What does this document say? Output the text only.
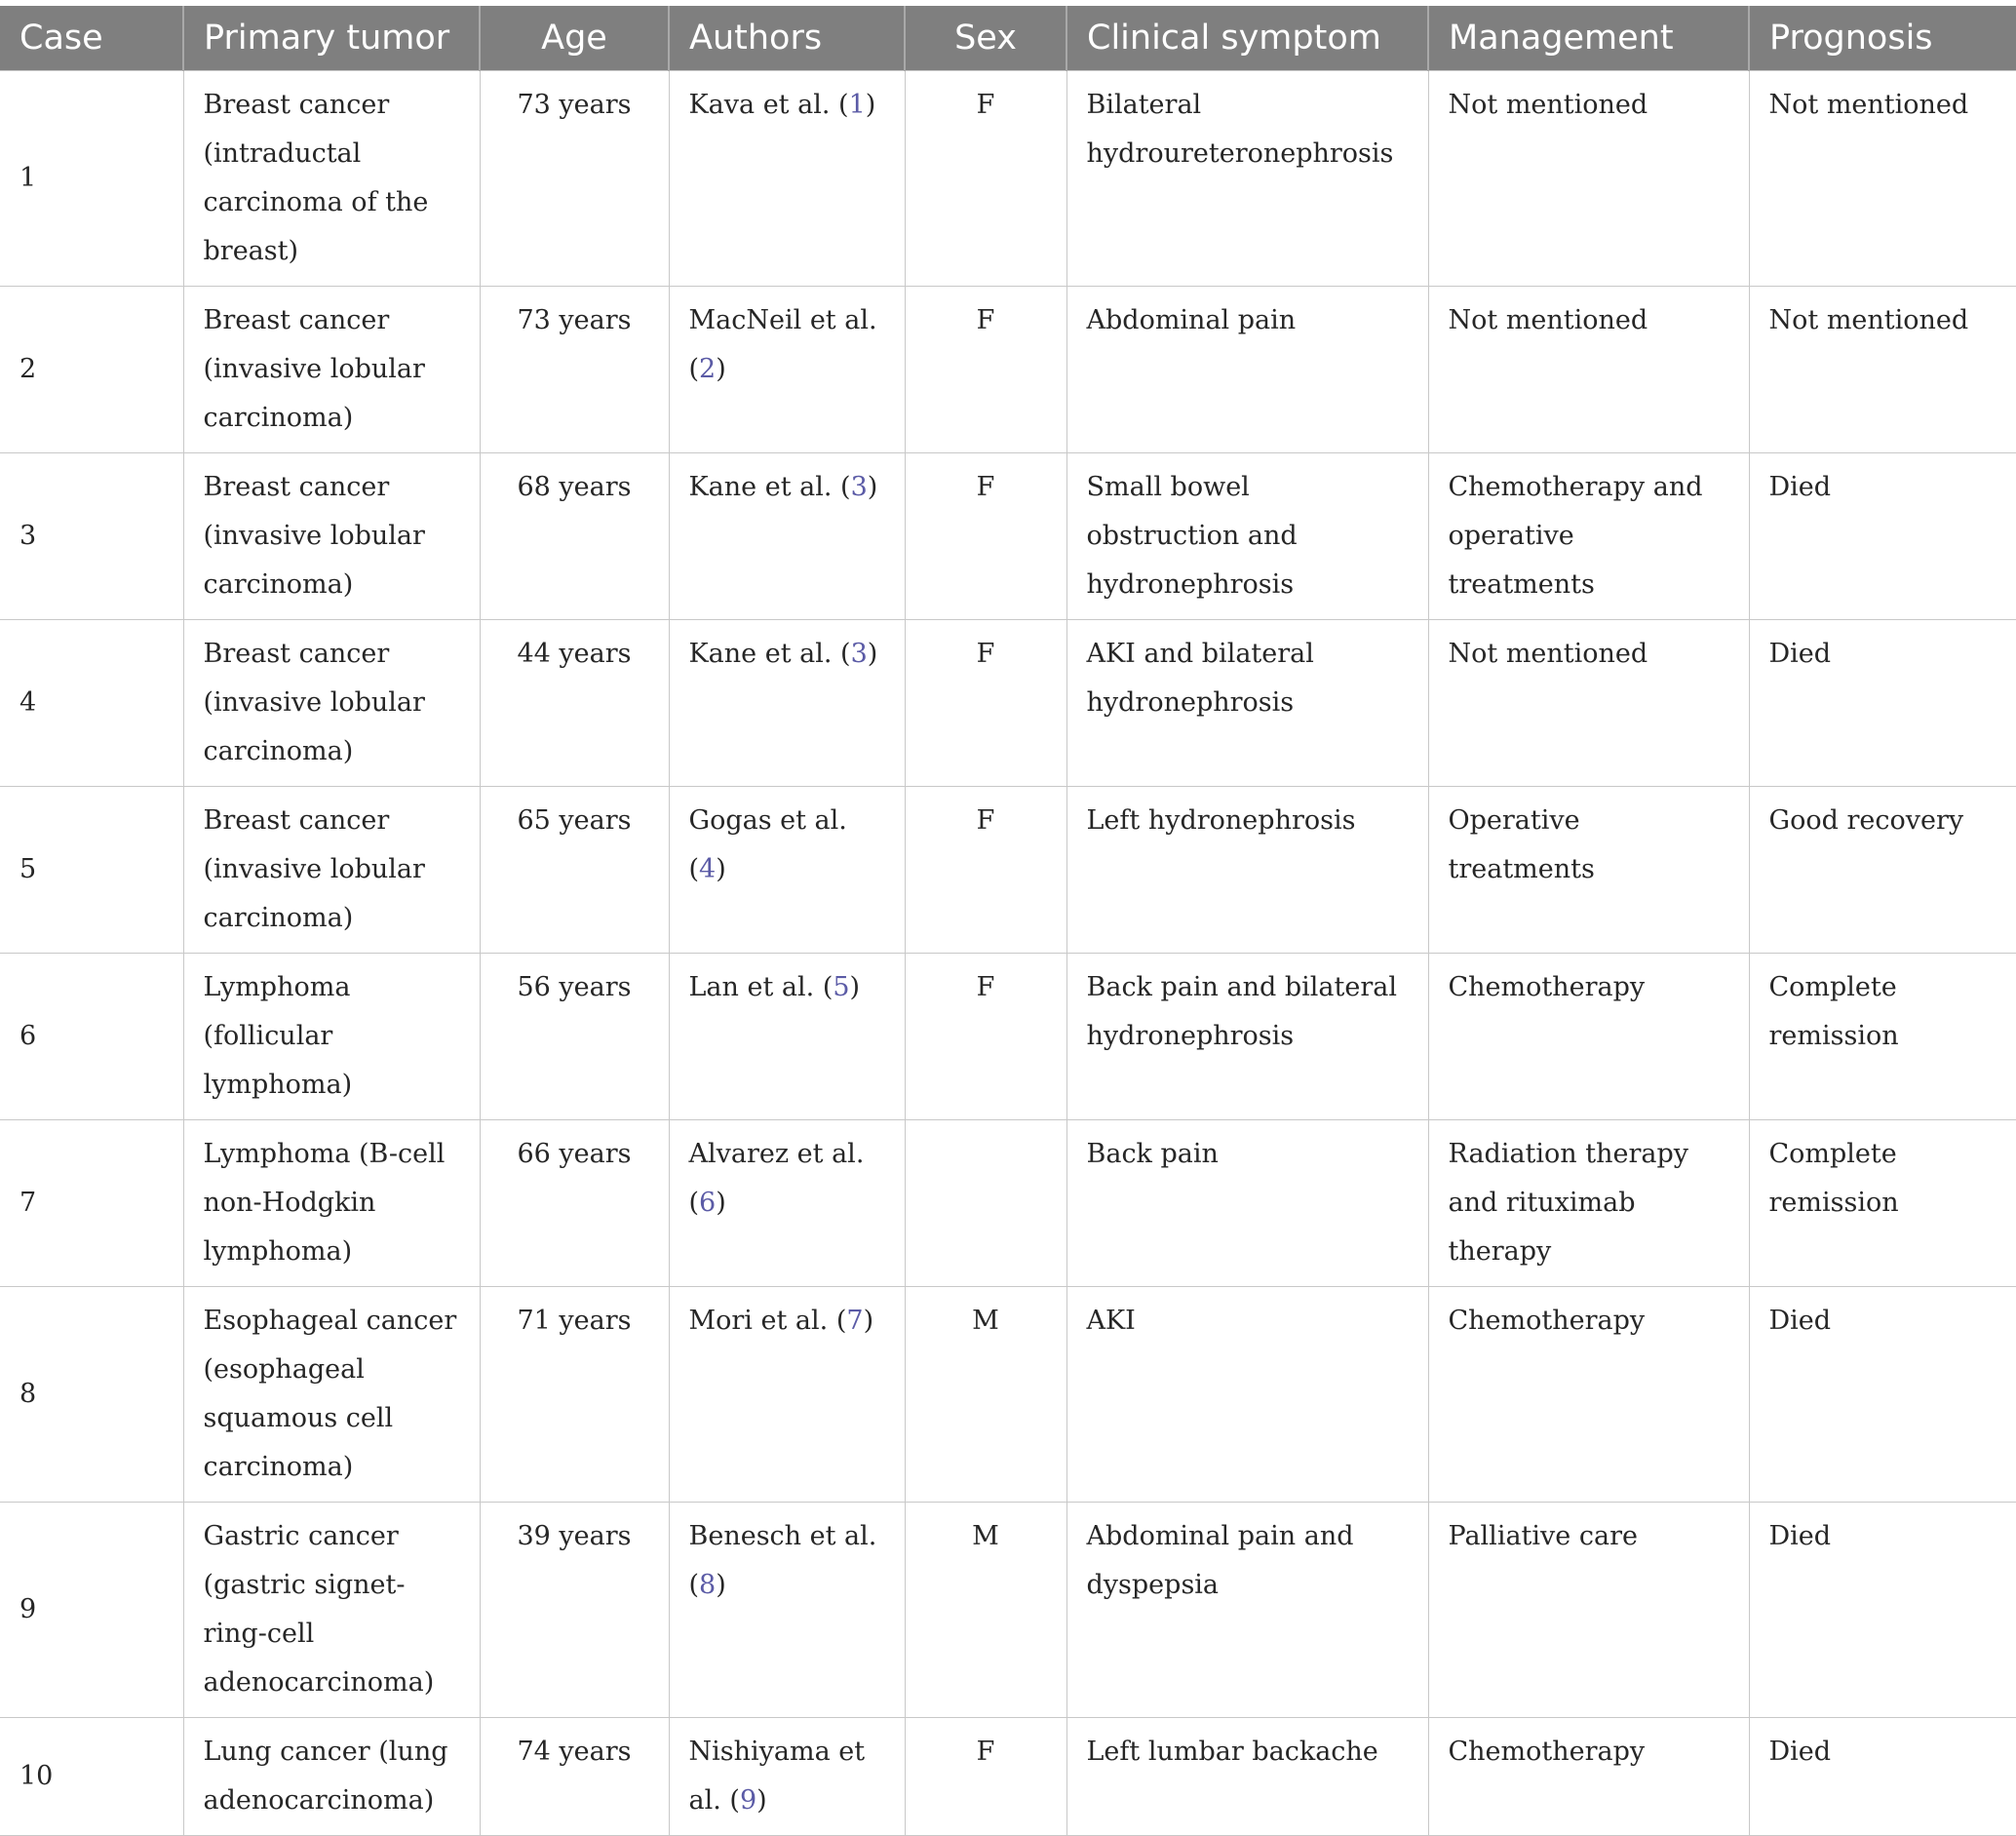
Case	Primary tumor	Age	Authors	Sex	Clinical symptom	Management	Prognosis
1	Breast cancer (intraductal carcinoma of the breast)	73 years	Kava et al. (1)	F	Bilateral hydroureteronephrosis	Not mentioned	Not mentioned
2	Breast cancer (invasive lobular carcinoma)	73 years	MacNeil et al. (2)	F	Abdominal pain	Not mentioned	Not mentioned
3	Breast cancer (invasive lobular carcinoma)	68 years	Kane et al. (3)	F	Small bowel obstruction and hydronephrosis	Chemotherapy and operative treatments	Died
4	Breast cancer (invasive lobular carcinoma)	44 years	Kane et al. (3)	F	AKI and bilateral hydronephrosis	Not mentioned	Died
5	Breast cancer (invasive lobular carcinoma)	65 years	Gogas et al. (4)	F	Left hydronephrosis	Operative treatments	Good recovery
6	Lymphoma (follicular lymphoma)	56 years	Lan et al. (5)	F	Back pain and bilateral hydronephrosis	Chemotherapy	Complete remission
7	Lymphoma (B-cell non-Hodgkin lymphoma)	66 years	Alvarez et al. (6)		Back pain	Radiation therapy and rituximab therapy	Complete remission
8	Esophageal cancer (esophageal squamous cell carcinoma)	71 years	Mori et al. (7)	M	AKI	Chemotherapy	Died
9	Gastric cancer (gastric signet-ring-cell adenocarcinoma)	39 years	Benesch et al. (8)	M	Abdominal pain and dyspepsia	Palliative care	Died
10	Lung cancer (lung adenocarcinoma)	74 years	Nishiyama et al. (9)	F	Left lumbar backache	Chemotherapy	Died
